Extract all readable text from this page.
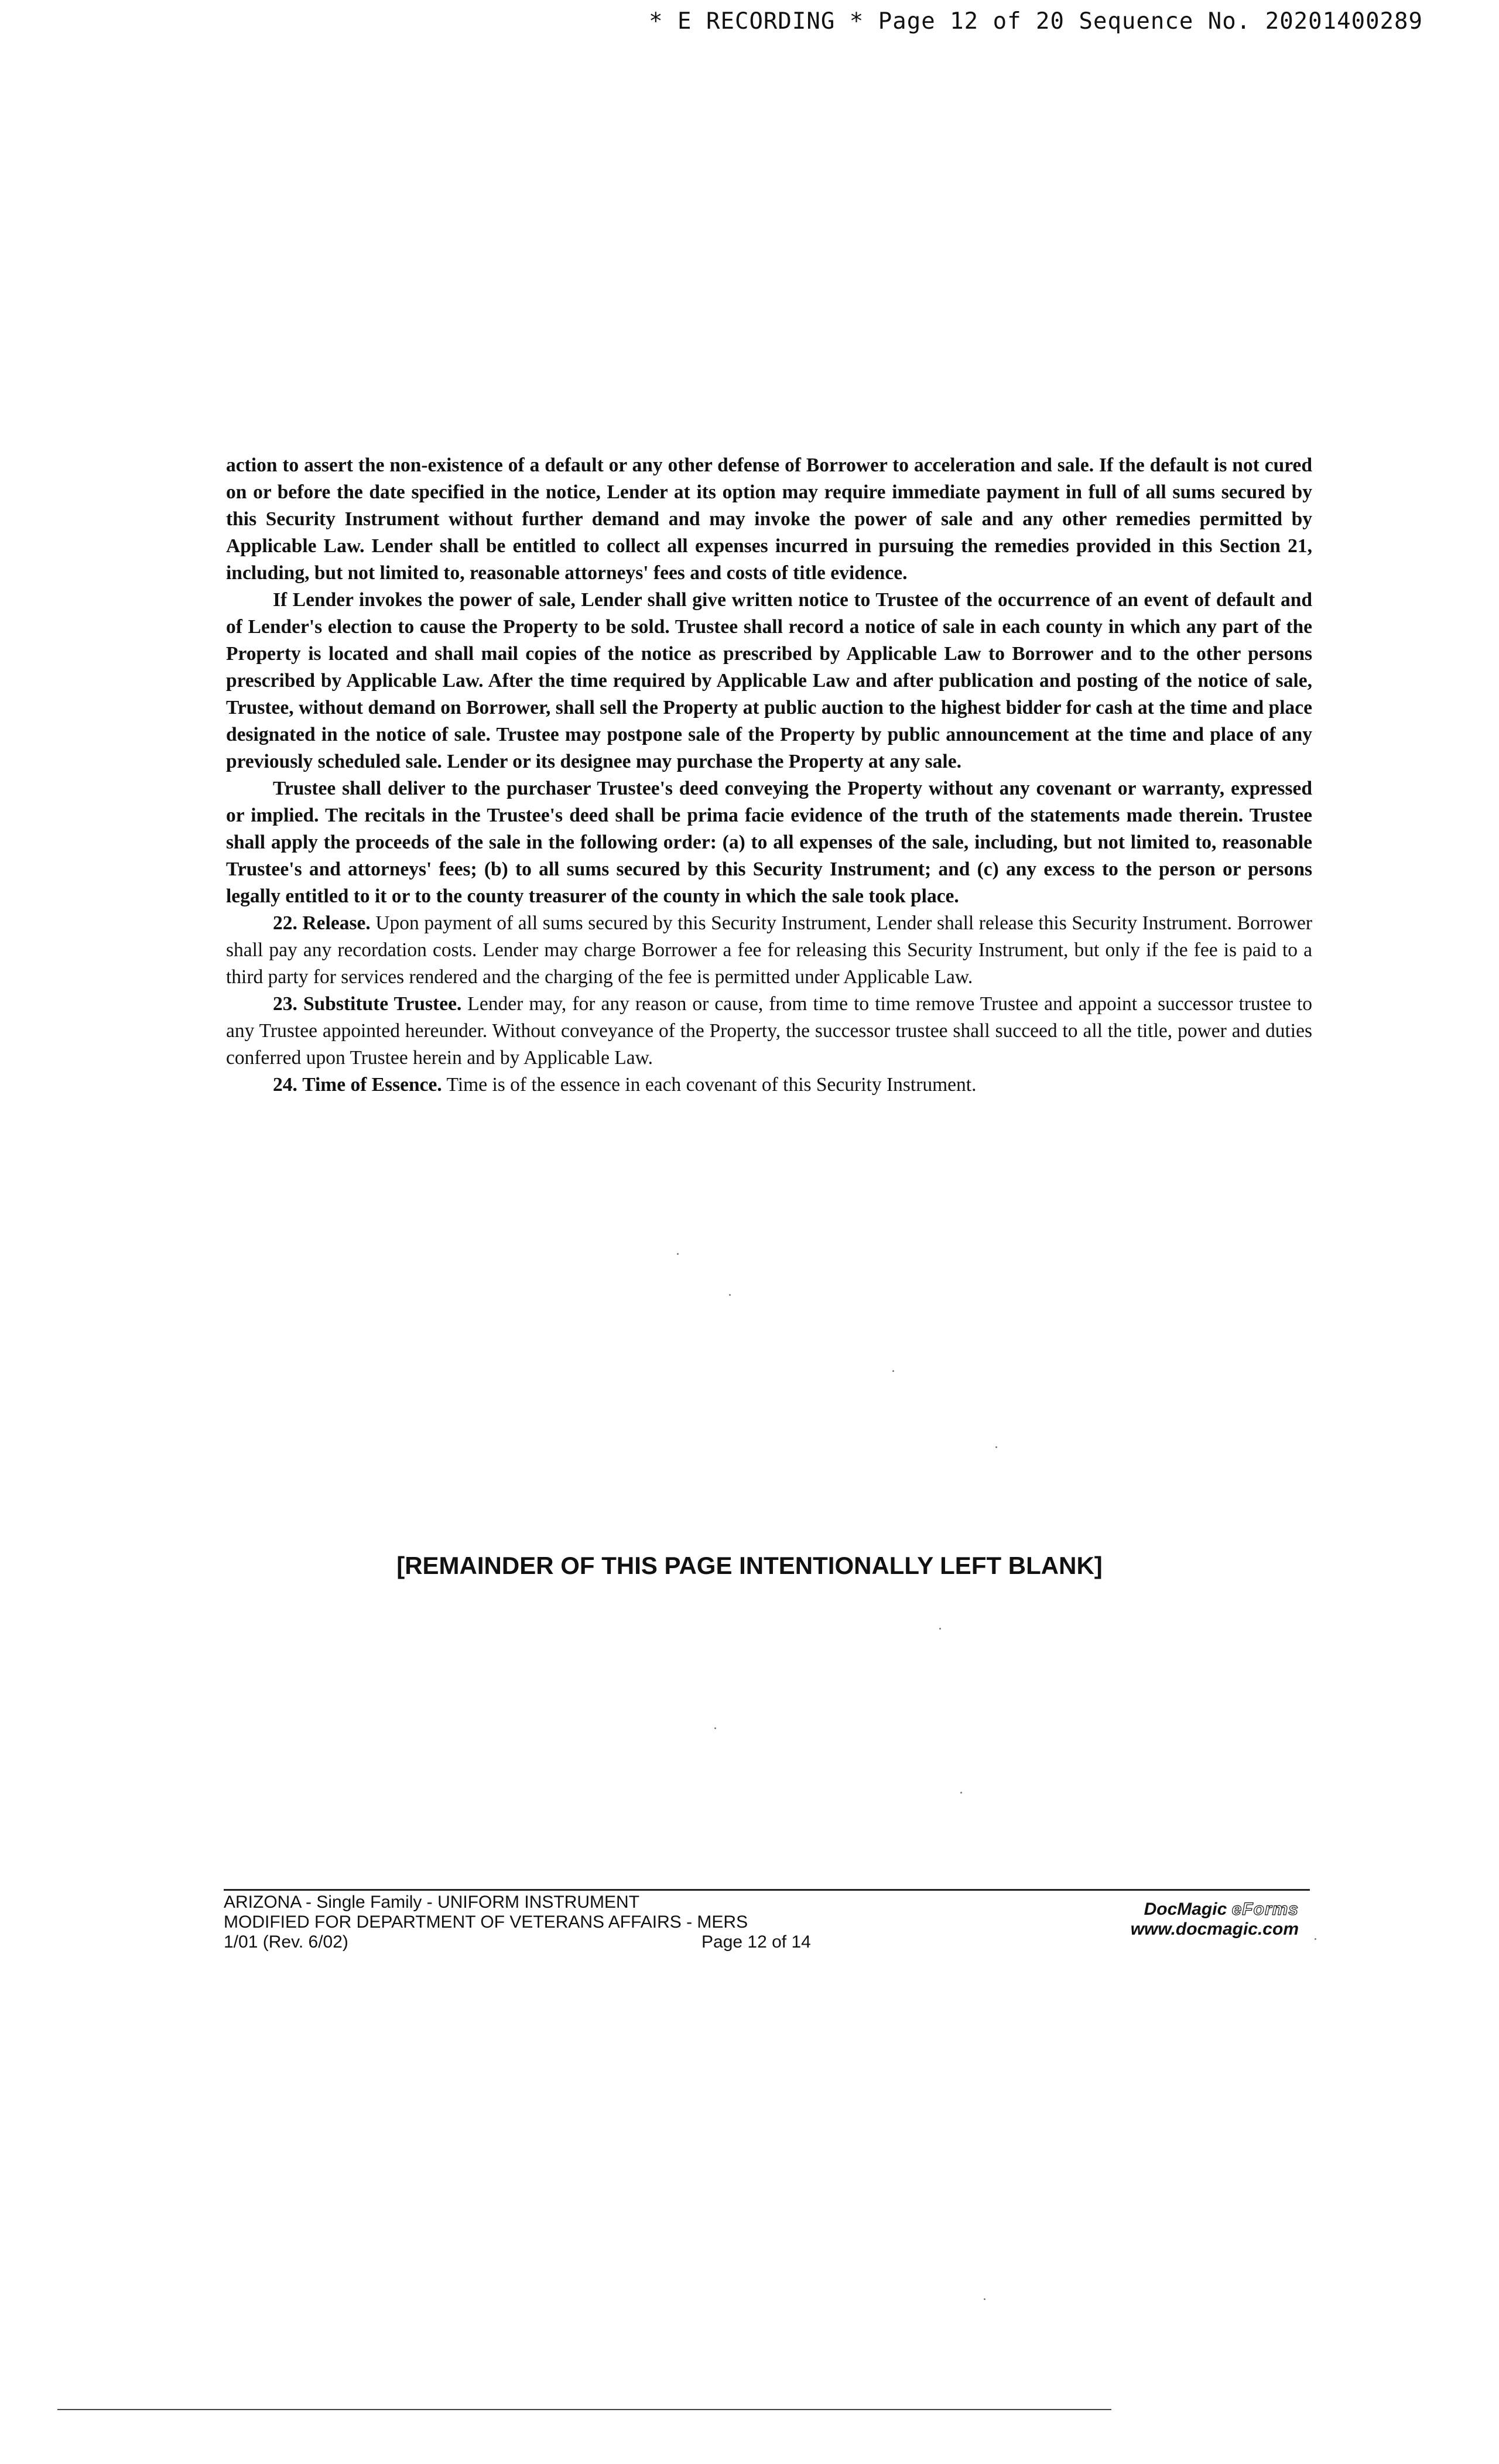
* E RECORDING * Page 12 of 20 Sequence No. 20201400289

action to assert the non-existence of a default or any other defense of Borrower to acceleration and sale. If the default is not cured on or before the date specified in the notice, Lender at its option may require immediate payment in full of all sums secured by this Security Instrument without further demand and may invoke the power of sale and any other remedies permitted by Applicable Law. Lender shall be entitled to collect all expenses incurred in pursuing the remedies provided in this Section 21, including, but not limited to, reasonable attorneys' fees and costs of title evidence.

If Lender invokes the power of sale, Lender shall give written notice to Trustee of the occurrence of an event of default and of Lender's election to cause the Property to be sold. Trustee shall record a notice of sale in each county in which any part of the Property is located and shall mail copies of the notice as prescribed by Applicable Law to Borrower and to the other persons prescribed by Applicable Law. After the time required by Applicable Law and after publication and posting of the notice of sale, Trustee, without demand on Borrower, shall sell the Property at public auction to the highest bidder for cash at the time and place designated in the notice of sale. Trustee may postpone sale of the Property by public announcement at the time and place of any previously scheduled sale. Lender or its designee may purchase the Property at any sale.

Trustee shall deliver to the purchaser Trustee's deed conveying the Property without any covenant or warranty, expressed or implied. The recitals in the Trustee's deed shall be prima facie evidence of the truth of the statements made therein. Trustee shall apply the proceeds of the sale in the following order: (a) to all expenses of the sale, including, but not limited to, reasonable Trustee's and attorneys' fees; (b) to all sums secured by this Security Instrument; and (c) any excess to the person or persons legally entitled to it or to the county treasurer of the county in which the sale took place.

22. Release. Upon payment of all sums secured by this Security Instrument, Lender shall release this Security Instrument. Borrower shall pay any recordation costs. Lender may charge Borrower a fee for releasing this Security Instrument, but only if the fee is paid to a third party for services rendered and the charging of the fee is permitted under Applicable Law.

23. Substitute Trustee. Lender may, for any reason or cause, from time to time remove Trustee and appoint a successor trustee to any Trustee appointed hereunder. Without conveyance of the Property, the successor trustee shall succeed to all the title, power and duties conferred upon Trustee herein and by Applicable Law.

24. Time of Essence. Time is of the essence in each covenant of this Security Instrument.

[REMAINDER OF THIS PAGE INTENTIONALLY LEFT BLANK]
ARIZONA - Single Family - UNIFORM INSTRUMENT
MODIFIED FOR DEPARTMENT OF VETERANS AFFAIRS - MERS
1/01 (Rev. 6/02)	Page 12 of 14
DocMagic eForms
www.docmagic.com
